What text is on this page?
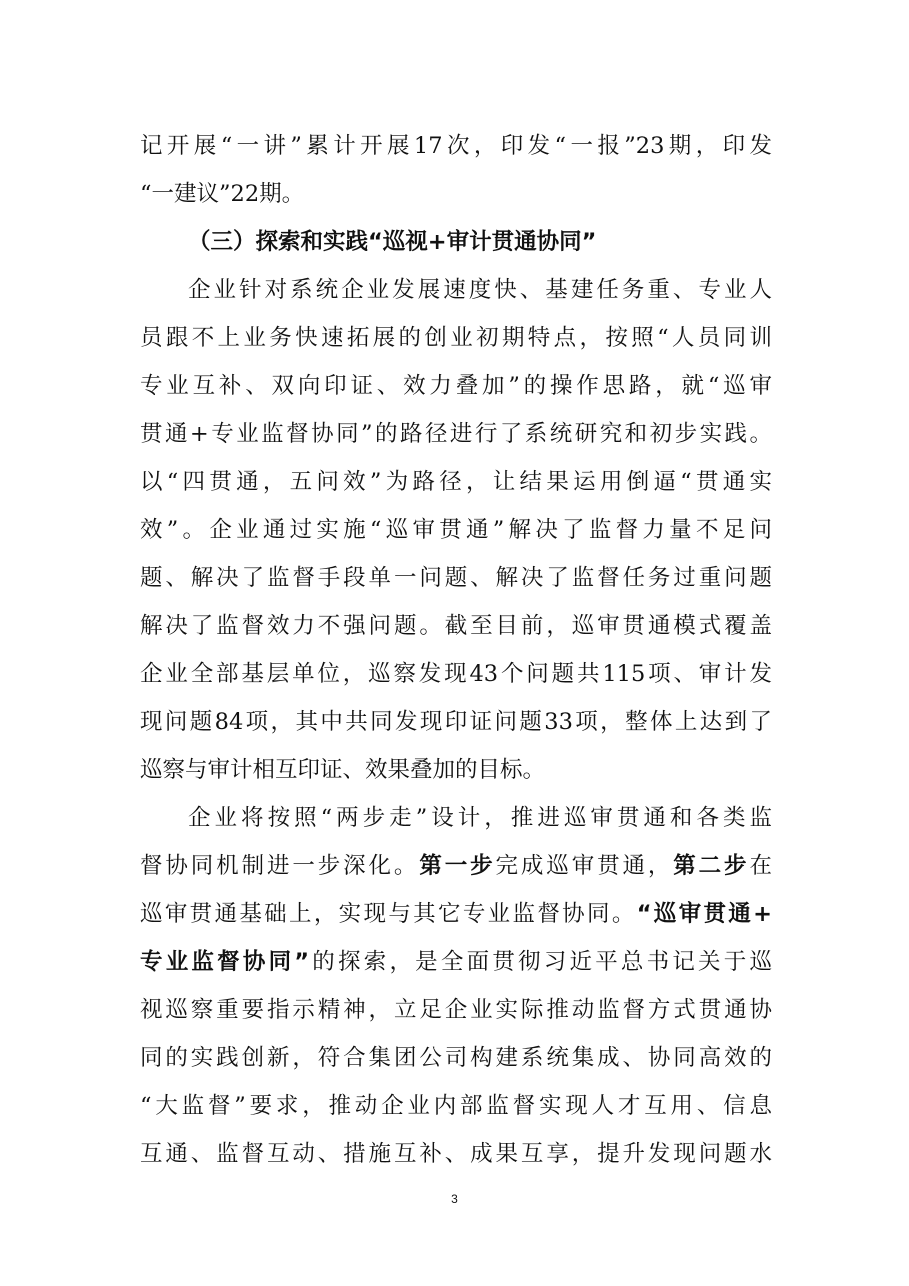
记开展“一讲”累计开展17次，印发“一报”23期，印发
“一建议”22期。
（三）探索和实践“巡视+审计贯通协同”
企业针对系统企业发展速度快、基建任务重、专业人
员跟不上业务快速拓展的创业初期特点，按照“人员同训
专业互补、双向印证、效力叠加”的操作思路，就“巡审
贯通+专业监督协同”的路径进行了系统研究和初步实践。
以“四贯通，五问效”为路径，让结果运用倒逼“贯通实
效”。企业通过实施“巡审贯通”解决了监督力量不足问
题、解决了监督手段单一问题、解决了监督任务过重问题
解决了监督效力不强问题。截至目前，巡审贯通模式覆盖
企业全部基层单位，巡察发现43个问题共115项、审计发
现问题84项，其中共同发现印证问题33项，整体上达到了
巡察与审计相互印证、效果叠加的目标。
企业将按照“两步走”设计，推进巡审贯通和各类监
督协同机制进一步深化。第一步完成巡审贯通，第二步在
巡审贯通基础上，实现与其它专业监督协同。“巡审贯通+
专业监督协同”的探索，是全面贯彻习近平总书记关于巡
视巡察重要指示精神，立足企业实际推动监督方式贯通协
同的实践创新，符合集团公司构建系统集成、协同高效的
“大监督”要求，推动企业内部监督实现人才互用、信息
互通、监督互动、措施互补、成果互享，提升发现问题水
3
